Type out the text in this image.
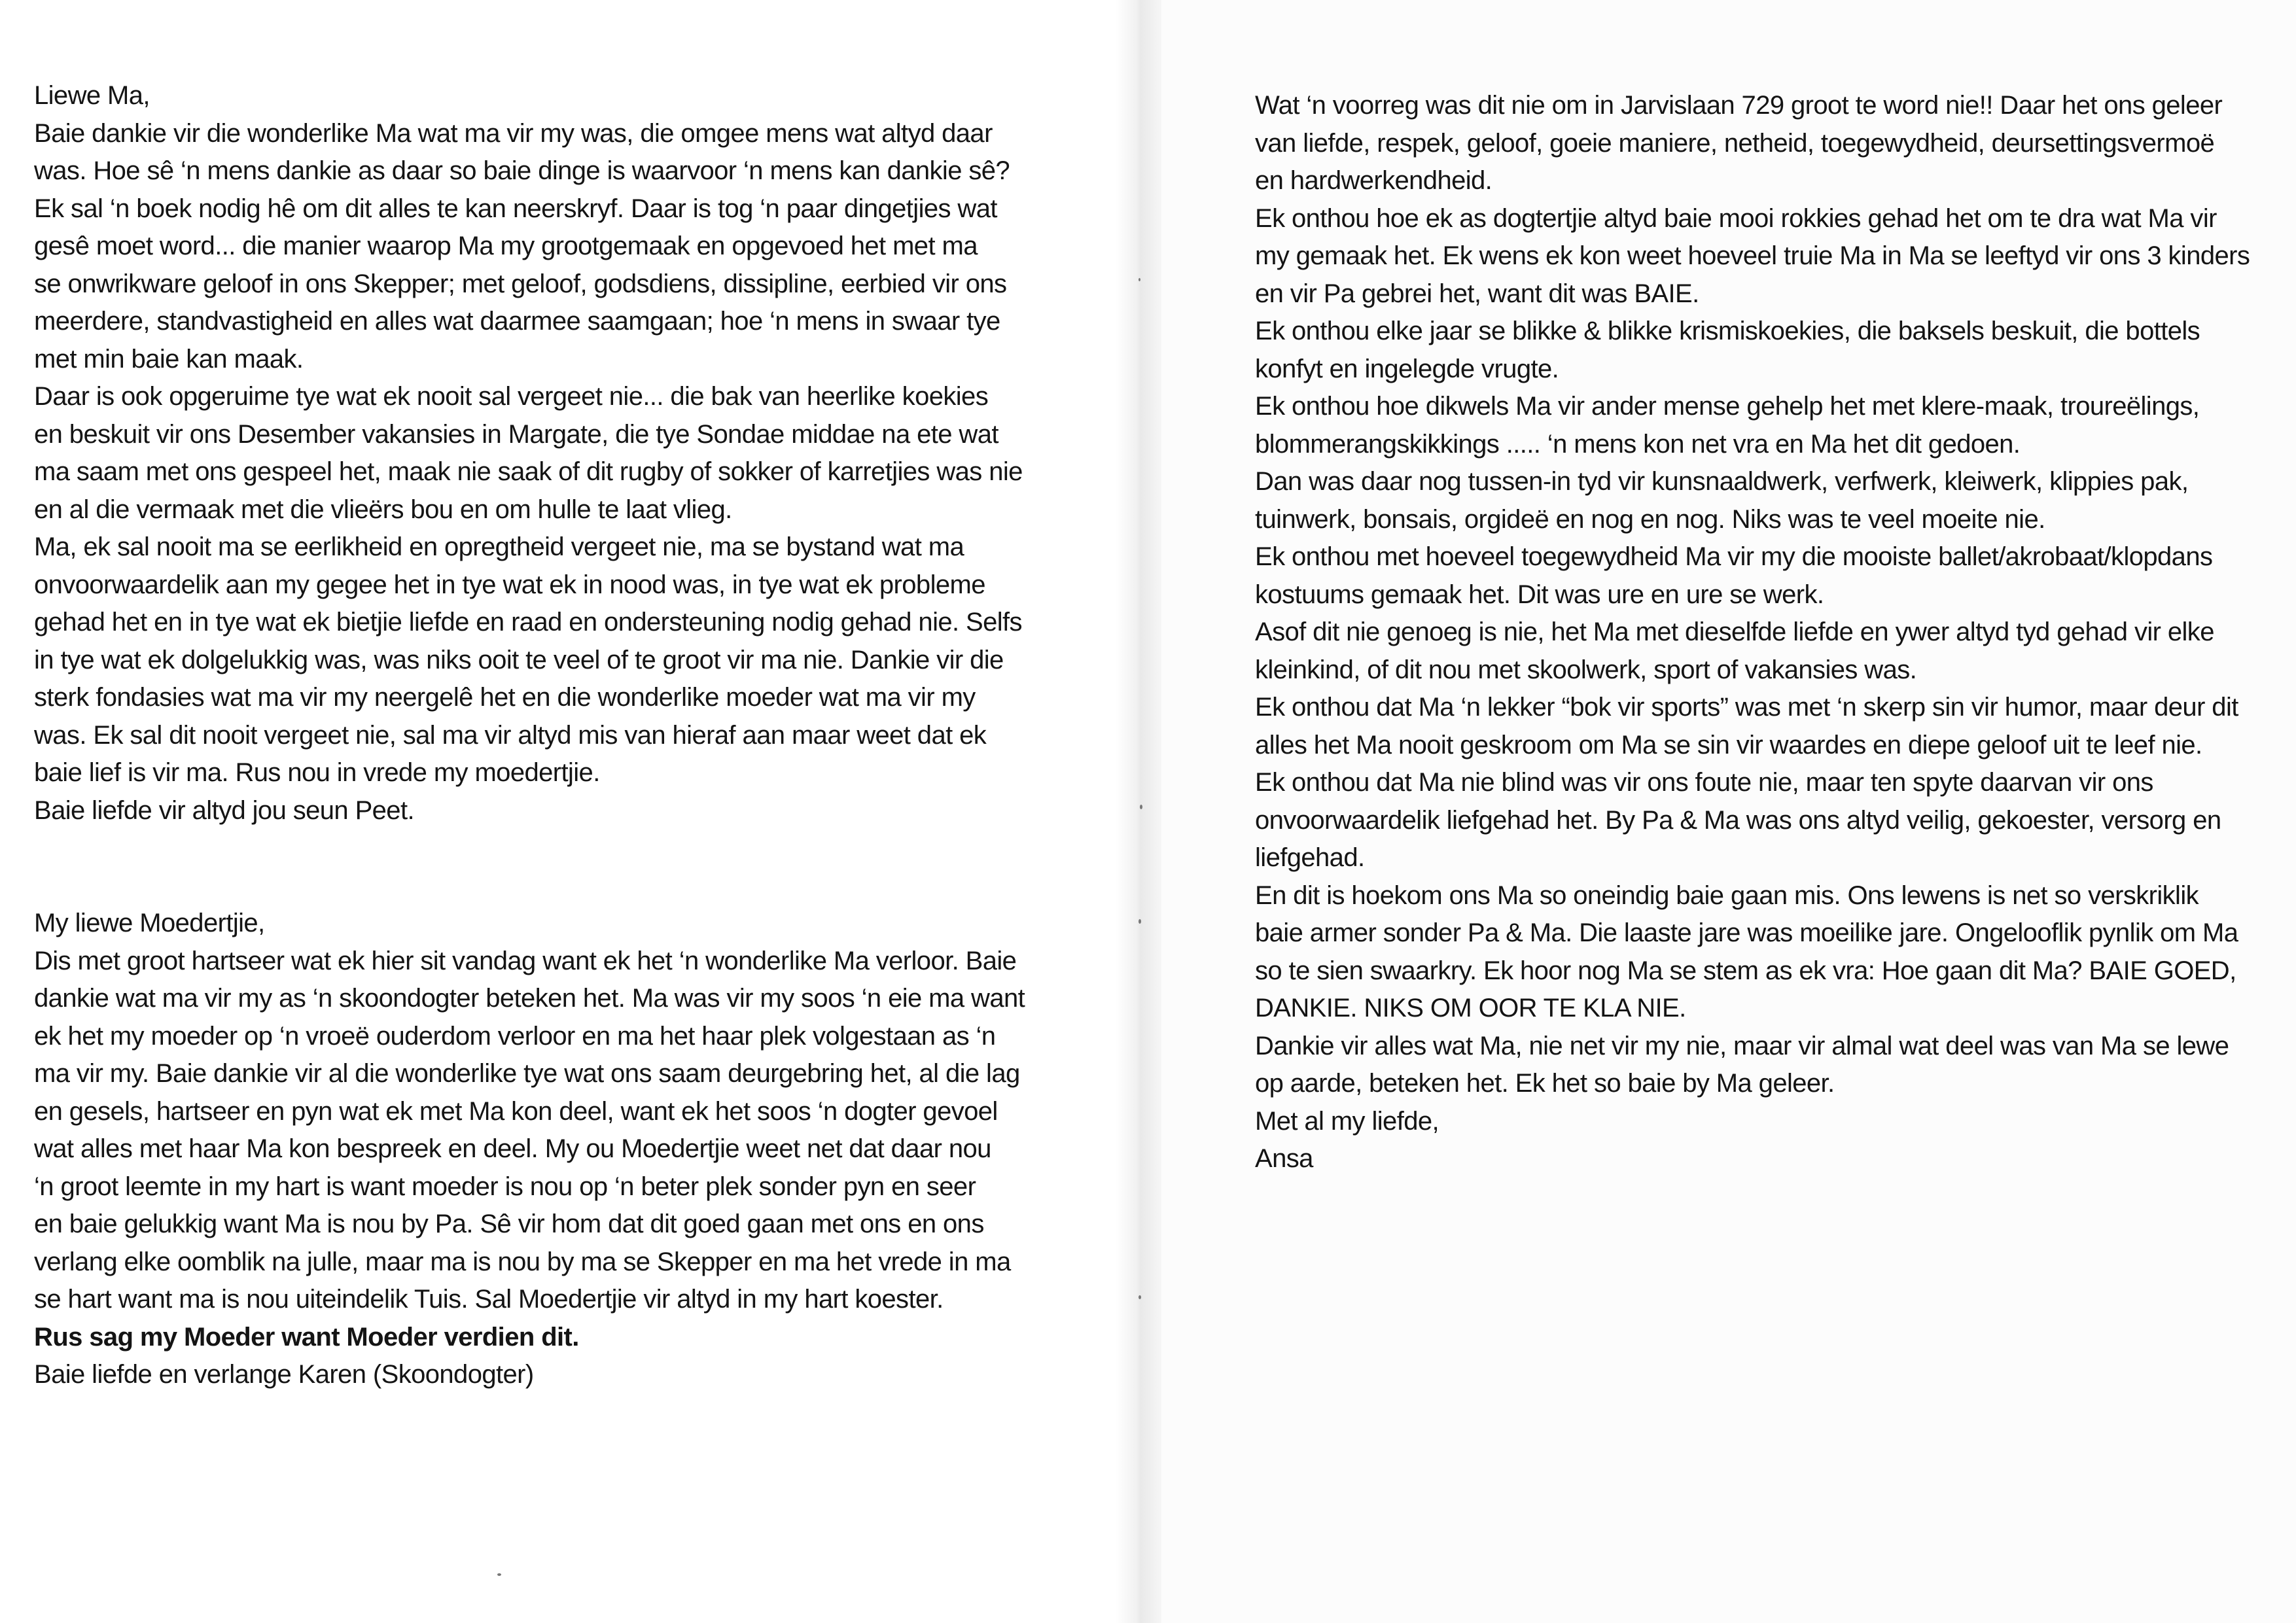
Liewe Ma,

Baie dankie vir die wonderlike Ma wat ma vir my was, die omgee mens wat altyd daar

was. Hoe sê ‘n mens dankie as daar so baie dinge is waarvoor ‘n mens kan dankie sê?

Ek sal ‘n boek nodig hê om dit alles te kan neerskryf. Daar is tog ‘n paar dingetjies wat

gesê moet word... die manier waarop Ma my grootgemaak en opgevoed het met ma

se onwrikware geloof in ons Skepper; met geloof, godsdiens, dissipline, eerbied vir ons

meerdere, standvastigheid en alles wat daarmee saamgaan; hoe ‘n mens in swaar tye

met min baie kan maak.

Daar is ook opgeruime tye wat ek nooit sal vergeet nie... die bak van heerlike koekies

en beskuit vir ons Desember vakansies in Margate, die tye Sondae middae na ete wat

ma saam met ons gespeel het, maak nie saak of dit rugby of sokker of karretjies was nie

en al die vermaak met die vlieërs bou en om hulle te laat vlieg.

Ma, ek sal nooit ma se eerlikheid en opregtheid vergeet nie, ma se bystand wat ma

onvoorwaardelik aan my gegee het in tye wat ek in nood was, in tye wat ek probleme

gehad het en in tye wat ek bietjie liefde en raad en ondersteuning nodig gehad nie. Selfs

in tye wat ek dolgelukkig was, was niks ooit te veel of te groot vir ma nie. Dankie vir die

sterk fondasies wat ma vir my neergelê het en die wonderlike moeder wat ma vir my

was. Ek sal dit nooit vergeet nie, sal ma vir altyd mis van hieraf aan maar weet dat ek

baie lief is vir ma. Rus nou in vrede my moedertjie.

Baie liefde vir altyd jou seun Peet.

My liewe Moedertjie,

Dis met groot hartseer wat ek hier sit vandag want ek het ‘n wonderlike Ma verloor. Baie

dankie wat ma vir my as ‘n skoondogter beteken het. Ma was vir my soos ‘n eie ma want

ek het my moeder op ‘n vroeë ouderdom verloor en ma het haar plek volgestaan as ‘n

ma vir my. Baie dankie vir al die wonderlike tye wat ons saam deurgebring het, al die lag

en gesels, hartseer en pyn wat ek met Ma kon deel, want ek het soos ‘n dogter gevoel

wat alles met haar Ma kon bespreek en deel. My ou Moedertjie weet net dat daar nou

‘n groot leemte in my hart is want moeder is nou op ‘n beter plek sonder pyn en seer

en baie gelukkig want Ma is nou by Pa. Sê vir hom dat dit goed gaan met ons en ons

verlang elke oomblik na julle, maar ma is nou by ma se Skepper en ma het vrede in ma

se hart want ma is nou uiteindelik Tuis. Sal Moedertjie vir altyd in my hart koester.

Rus sag my Moeder want Moeder verdien dit.

Baie liefde en verlange Karen (Skoondogter)

Wat ‘n voorreg was dit nie om in Jarvislaan 729 groot te word nie!! Daar het ons geleer

van liefde, respek, geloof, goeie maniere, netheid, toegewydheid, deursettingsvermoë

en hardwerkendheid.

Ek onthou hoe ek as dogtertjie altyd baie mooi rokkies gehad het om te dra wat Ma vir

my gemaak het. Ek wens ek kon weet hoeveel truie Ma in Ma se leeftyd vir ons 3 kinders

en vir Pa gebrei het, want dit was BAIE.

Ek onthou elke jaar se blikke & blikke krismiskoekies, die baksels beskuit, die bottels

konfyt en ingelegde vrugte.

Ek onthou hoe dikwels Ma vir ander mense gehelp het met klere-maak, troureëlings,

blommerangskikkings ..... ‘n mens kon net vra en Ma het dit gedoen.

Dan was daar nog tussen-in tyd vir kunsnaaldwerk, verfwerk, kleiwerk, klippies pak,

tuinwerk, bonsais, orgideë en nog en nog. Niks was te veel moeite nie.

Ek onthou met hoeveel toegewydheid Ma vir my die mooiste ballet/akrobaat/klopdans

kostuums gemaak het. Dit was ure en ure se werk.

Asof dit nie genoeg is nie, het Ma met dieselfde liefde en ywer altyd tyd gehad vir elke

kleinkind, of dit nou met skoolwerk, sport of vakansies was.

Ek onthou dat Ma ‘n lekker “bok vir sports” was met ‘n skerp sin vir humor, maar deur dit

alles het Ma nooit geskroom om Ma se sin vir waardes en diepe geloof uit te leef nie.

Ek onthou dat Ma nie blind was vir ons foute nie, maar ten spyte daarvan vir ons

onvoorwaardelik liefgehad het. By Pa & Ma was ons altyd veilig, gekoester, versorg en

liefgehad.

En dit is hoekom ons Ma so oneindig baie gaan mis. Ons lewens is net so verskriklik

baie armer sonder Pa & Ma. Die laaste jare was moeilike jare. Ongelooflik pynlik om Ma

so te sien swaarkry. Ek hoor nog Ma se stem as ek vra: Hoe gaan dit Ma? BAIE GOED,

DANKIE. NIKS OM OOR TE KLA NIE.

Dankie vir alles wat Ma, nie net vir my nie, maar vir almal wat deel was van Ma se lewe

op aarde, beteken het. Ek het so baie by Ma geleer.

Met al my liefde,

Ansa
